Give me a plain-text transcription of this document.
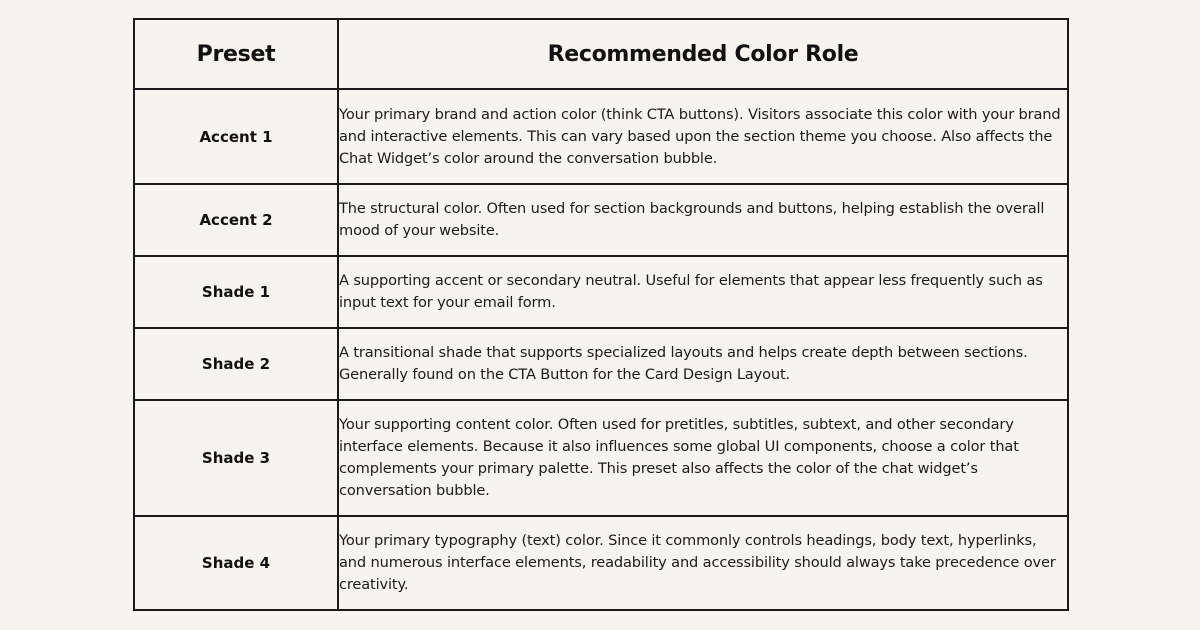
Preset	Recommended Color Role
Accent 1	Your primary brand and action color (think CTA buttons). Visitors associate this color with your brand and interactive elements. This can vary based upon the section theme you choose. Also affects the Chat Widget’s color around the conversation bubble.
Accent 2	The structural color. Often used for section backgrounds and buttons, helping establish the overall mood of your website.
Shade 1	A supporting accent or secondary neutral. Useful for elements that appear less frequently such as input text for your email form.
Shade 2	A transitional shade that supports specialized layouts and helps create depth between sections. Generally found on the CTA Button for the Card Design Layout.
Shade 3	Your supporting content color. Often used for pretitles, subtitles, subtext, and other secondary interface elements. Because it also influences some global UI components, choose a color that complements your primary palette. This preset also affects the color of the chat widget’s conversation bubble.
Shade 4	Your primary typography (text) color. Since it commonly controls headings, body text, hyperlinks, and numerous interface elements, readability and accessibility should always take precedence over creativity.
